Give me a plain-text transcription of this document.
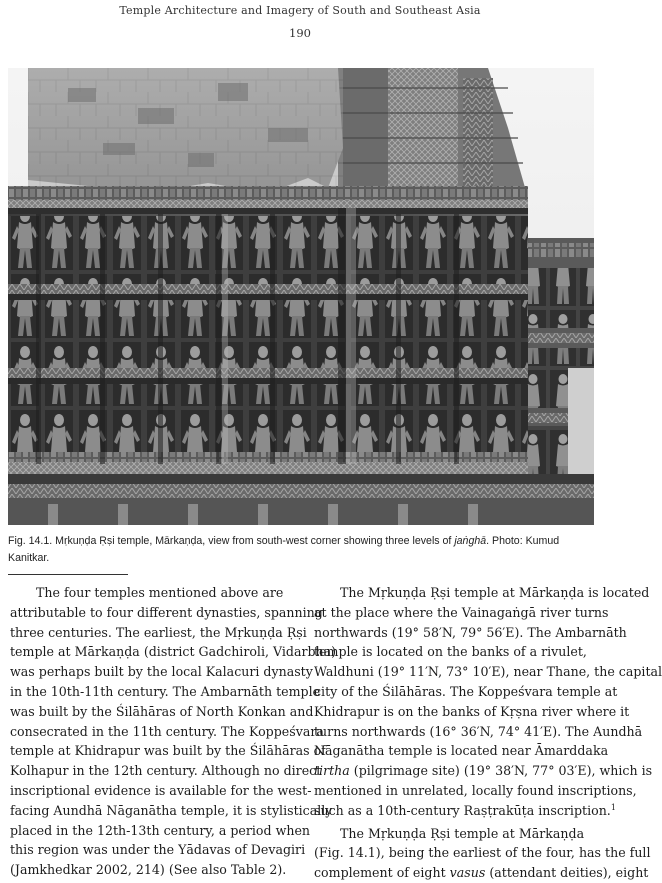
Temple Architecture and Imagery of South and Southeast Asia
190
Fig. 14.1. Mṛkuṇḍa Ṛṣi temple, Mārkaṇḍa, view from south-west corner showing three levels of jaṅghā. Photo: Kumud
Kanitkar.

The four temples mentioned above are
attributable to four different dynasties, spanning
three centuries. The earliest, the Mṛkuṇḍa Ṛṣi
temple at Mārkaṇḍa (district Gadchiroli, Vidarbha)
was perhaps built by the local Kalacuri dynasty
in the 10th-11th century. The Ambarnāth temple
was built by the Śilāhāras of North Konkan and
consecrated in the 11th century. The Koppeśvara
temple at Khidrapur was built by the Śilāhāras of
Kolhapur in the 12th century. Although no direct
inscriptional evidence is available for the west-
facing Aundhā Nāganātha temple, it is stylistically
placed in the 12th-13th century, a period when
this region was under the Yādavas of Devagiri
(Jamkhedkar 2002, 214) (See also Table 2).

The Mṛkuṇḍa Ṛṣi temple at Mārkaṇḍa is located
at the place where the Vainagaṅgā river turns
northwards (19° 58′N, 79° 56′E). The Ambarnāth
temple is located on the banks of a rivulet,
Waldhuni (19° 11′N, 73° 10′E), near Thane, the capital
city of the Śilāhāras. The Koppeśvara temple at
Khidrapur is on the banks of Kṛṣna river where it
turns northwards (16° 36′N, 74° 41′E). The Aundhā
Nāganātha temple is located near Āmarddaka
tirtha (pilgrimage site) (19° 38′N, 77° 03′E), which is
mentioned in unrelated, locally found inscriptions,
such as a 10th-century Raṣṭrakūṭa inscription.$^1$

The Mṛkuṇḍa Ṛṣi temple at Mārkaṇḍa
(Fig. 14.1), being the earliest of the four, has the full
complement of eight vasus (attendant deities), eight
